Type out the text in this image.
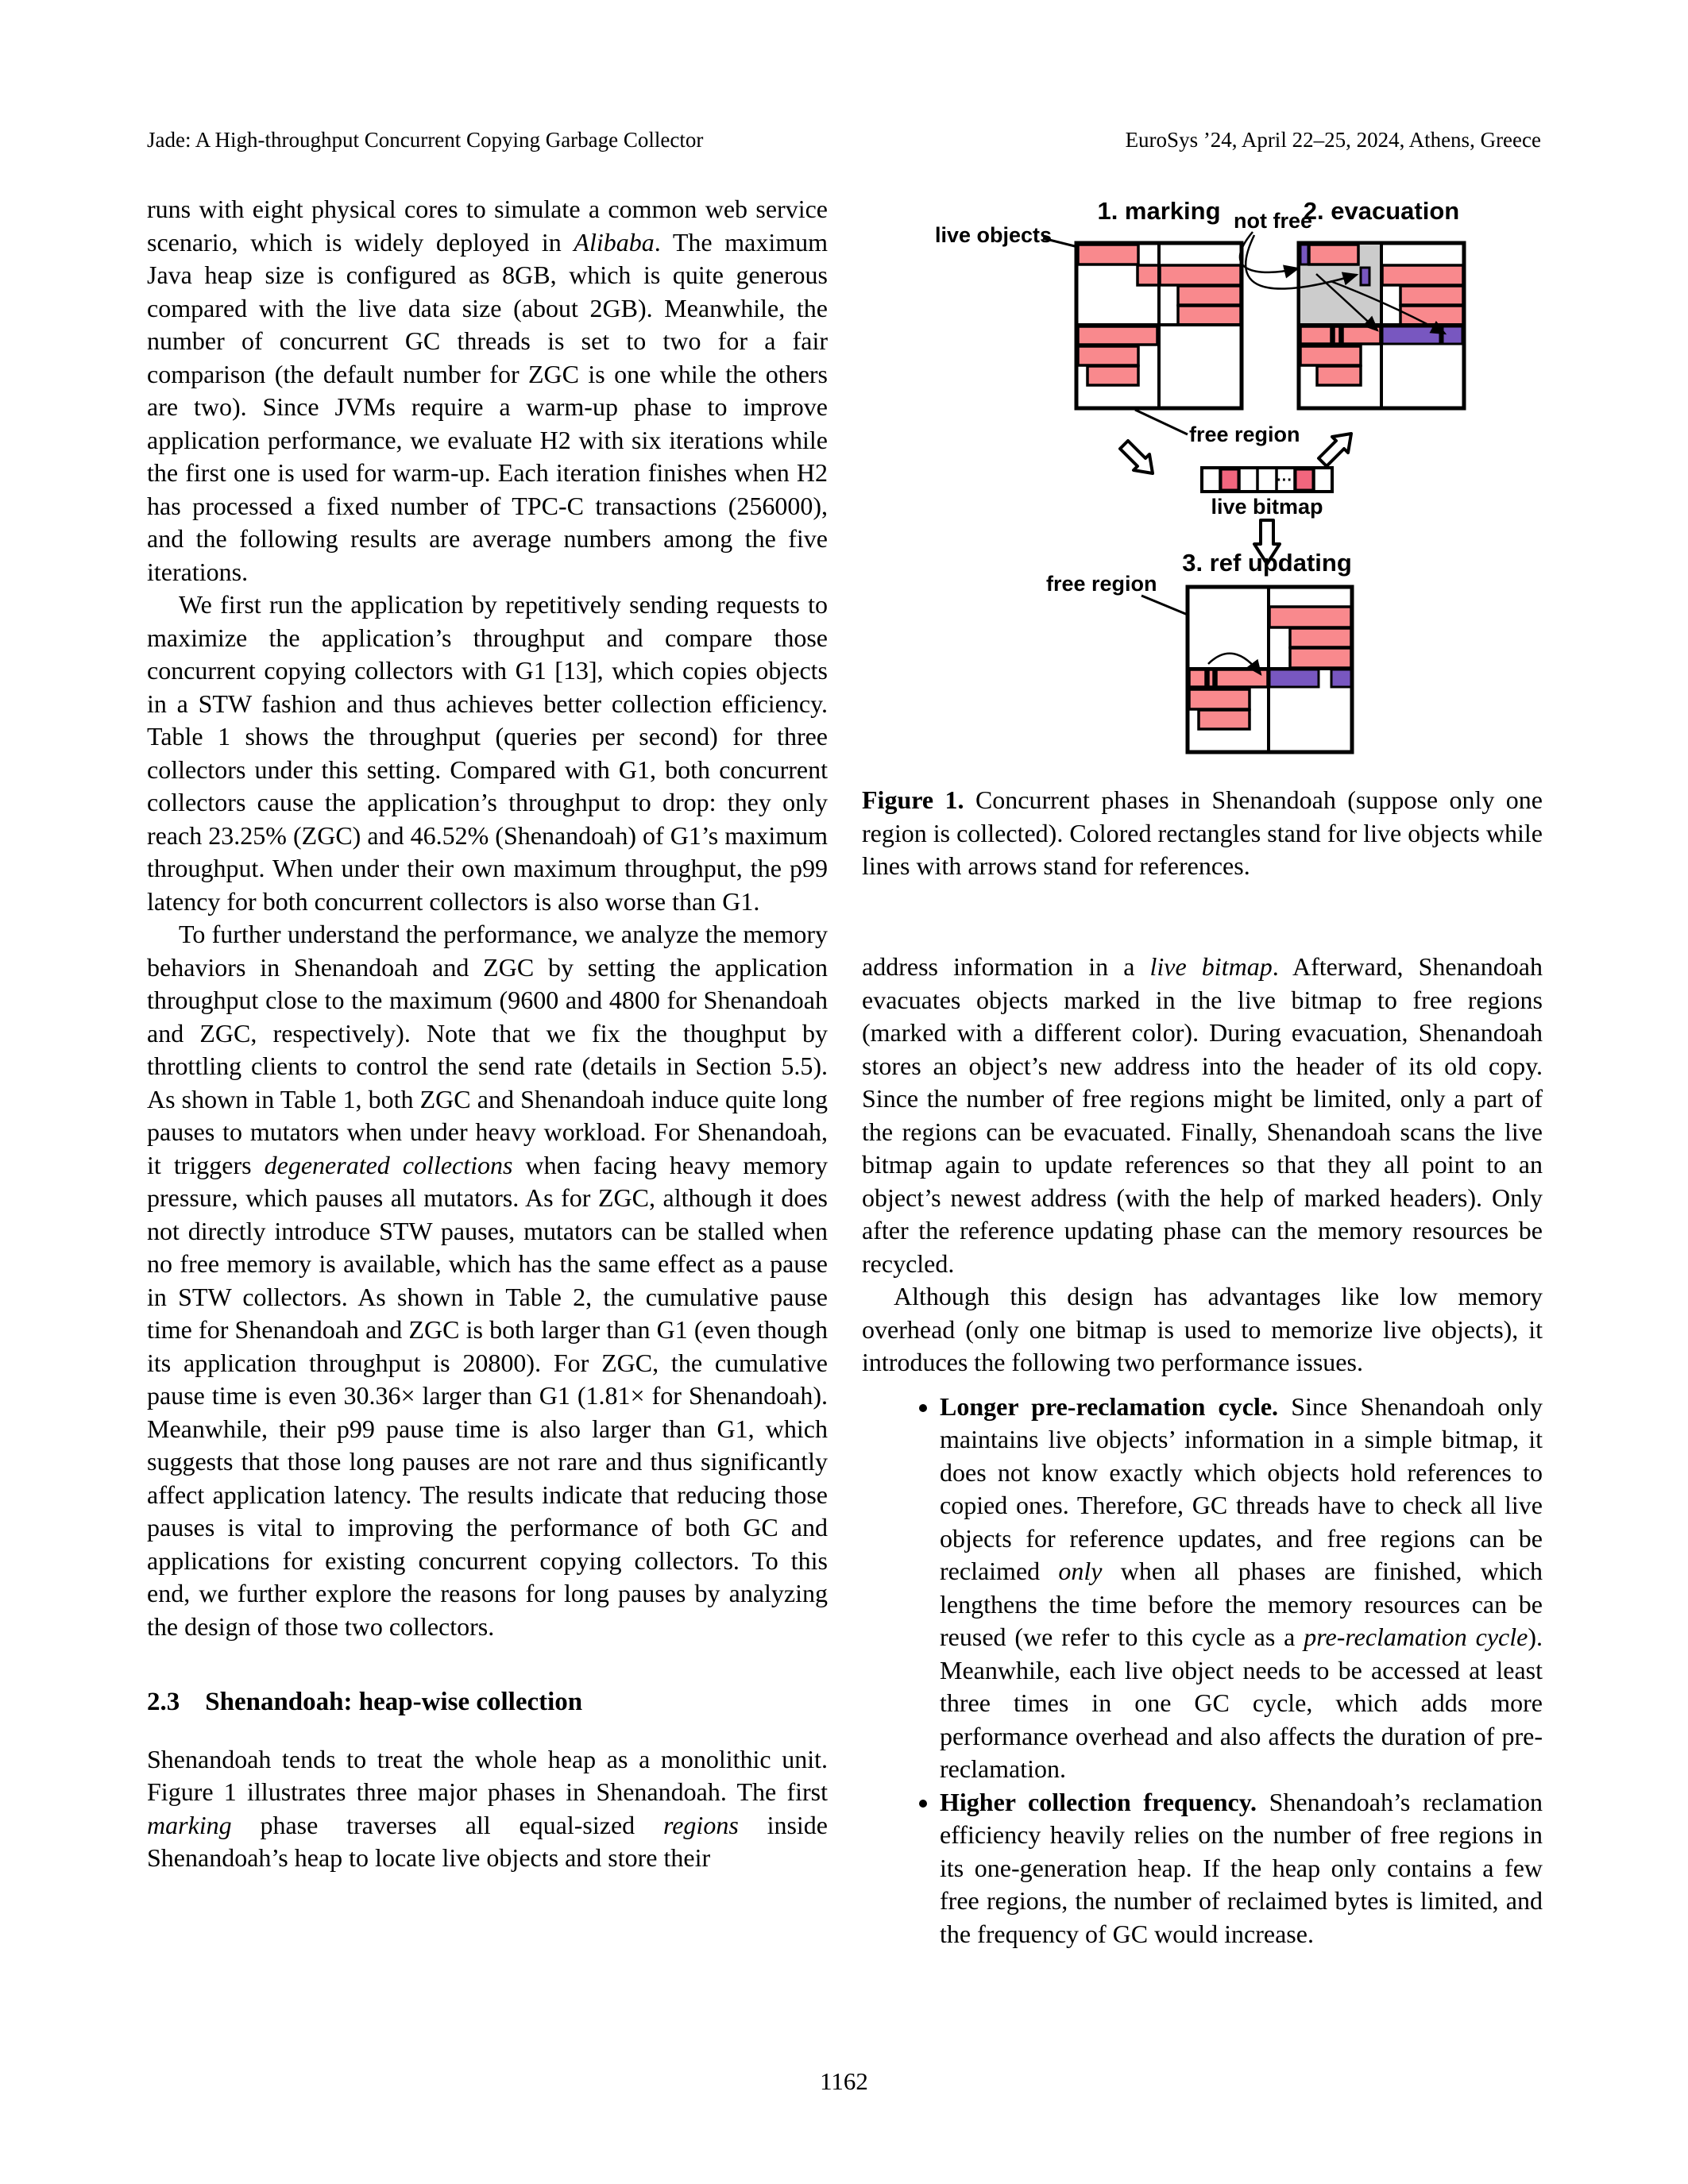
Jade: A High-throughput Concurrent Copying Garbage Collector	EuroSys ’24, April 22–25, 2024, Athens, Greece

runs with eight physical cores to simulate a common web service scenario, which is widely deployed in Alibaba. The maximum Java heap size is configured as 8GB, which is quite generous compared with the live data size (about 2GB). Meanwhile, the number of concurrent GC threads is set to two for a fair comparison (the default number for ZGC is one while the others are two). Since JVMs require a warm-up phase to improve application performance, we evaluate H2 with six iterations while the first one is used for warm-up. Each iteration finishes when H2 has processed a fixed number of TPC-C transactions (256000), and the following results are average numbers among the five iterations.

We first run the application by repetitively sending requests to maximize the application’s throughput and compare those concurrent copying collectors with G1 [13], which copies objects in a STW fashion and thus achieves better collection efficiency. Table 1 shows the throughput (queries per second) for three collectors under this setting. Compared with G1, both concurrent collectors cause the application’s throughput to drop: they only reach 23.25% (ZGC) and 46.52% (Shenandoah) of G1’s maximum throughput. When under their own maximum throughput, the p99 latency for both concurrent collectors is also worse than G1.

To further understand the performance, we analyze the memory behaviors in Shenandoah and ZGC by setting the application throughput close to the maximum (9600 and 4800 for Shenandoah and ZGC, respectively). Note that we fix the thoughput by throttling clients to control the send rate (details in Section 5.5). As shown in Table 1, both ZGC and Shenandoah induce quite long pauses to mutators when under heavy workload. For Shenandoah, it triggers degenerated collections when facing heavy memory pressure, which pauses all mutators. As for ZGC, although it does not directly introduce STW pauses, mutators can be stalled when no free memory is available, which has the same effect as a pause in STW collectors. As shown in Table 2, the cumulative pause time for Shenandoah and ZGC is both larger than G1 (even though its application throughput is 20800). For ZGC, the cumulative pause time is even 30.36× larger than G1 (1.81× for Shenandoah). Meanwhile, their p99 pause time is also larger than G1, which suggests that those long pauses are not rare and thus significantly affect application latency. The results indicate that reducing those pauses is vital to improving the performance of both GC and applications for existing concurrent copying collectors. To this end, we further explore the reasons for long pauses by analyzing the design of those two collectors.

2.3 Shenandoah: heap-wise collection

Shenandoah tends to treat the whole heap as a monolithic unit. Figure 1 illustrates three major phases in Shenandoah. The first marking phase traverses all equal-sized regions inside Shenandoah’s heap to locate live objects and store their

1. marking not free
2. evacuation
live objects
free region
live bitmap
···
3. ref updating
free region
Figure 1. Concurrent phases in Shenandoah (suppose only one region is collected). Colored rectangles stand for live objects while lines with arrows stand for references.

address information in a live bitmap. Afterward, Shenandoah evacuates objects marked in the live bitmap to free regions (marked with a different color). During evacuation, Shenandoah stores an object’s new address into the header of its old copy. Since the number of free regions might be limited, only a part of the regions can be evacuated. Finally, Shenandoah scans the live bitmap again to update references so that they all point to an object’s newest address (with the help of marked headers). Only after the reference updating phase can the memory resources be recycled.

Although this design has advantages like low memory overhead (only one bitmap is used to memorize live objects), it introduces the following two performance issues.

• Longer pre-reclamation cycle. Since Shenandoah only maintains live objects’ information in a simple bitmap, it does not know exactly which objects hold references to copied ones. Therefore, GC threads have to check all live objects for reference updates, and free regions can be reclaimed only when all phases are finished, which lengthens the time before the memory resources can be reused (we refer to this cycle as a pre-reclamation cycle). Meanwhile, each live object needs to be accessed at least three times in one GC cycle, which adds more performance overhead and also affects the duration of pre-reclamation.
• Higher collection frequency. Shenandoah’s reclamation efficiency heavily relies on the number of free regions in its one-generation heap. If the heap only contains a few free regions, the number of reclaimed bytes is limited, and the frequency of GC would increase.
1162
